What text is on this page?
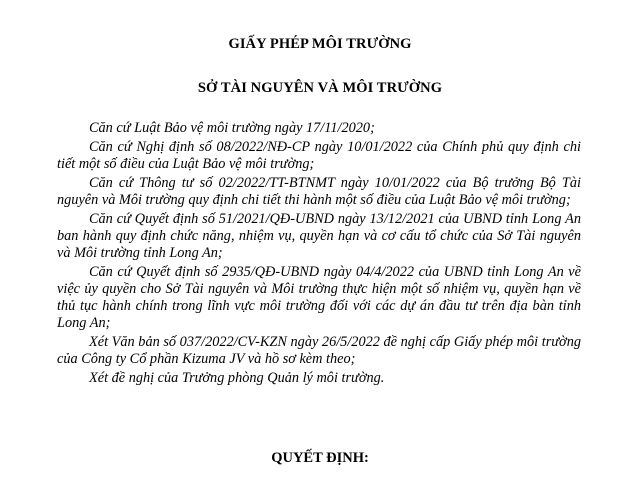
GIẤY PHÉP MÔI TRƯỜNG
SỞ TÀI NGUYÊN VÀ MÔI TRƯỜNG

Căn cứ Luật Bảo vệ môi trường ngày 17/11/2020;

Căn cứ Nghị định số 08/2022/NĐ-CP ngày 10/01/2022 của Chính phủ quy định chi tiết một số điều của Luật Bảo vệ môi trường;

Căn cứ Thông tư số 02/2022/TT-BTNMT ngày 10/01/2022 của Bộ trưởng Bộ Tài nguyên và Môi trường quy định chi tiết thi hành một số điều của Luật Bảo vệ môi trường;

Căn cứ Quyết định số 51/2021/QĐ-UBND ngày 13/12/2021 của UBND tỉnh Long An ban hành quy định chức năng, nhiệm vụ, quyền hạn và cơ cấu tổ chức của Sở Tài nguyên và Môi trường tỉnh Long An;

Căn cứ Quyết định số 2935/QĐ-UBND ngày 04/4/2022 của UBND tỉnh Long An về việc ủy quyền cho Sở Tài nguyên và Môi trường thực hiện một số nhiệm vụ, quyền hạn về thủ tục hành chính trong lĩnh vực môi trường đối với các dự án đầu tư trên địa bàn tỉnh Long An;

Xét Văn bản số 037/2022/CV-KZN ngày 26/5/2022 đề nghị cấp Giấy phép môi trường của Công ty Cổ phần Kizuma JV và hồ sơ kèm theo;

Xét đề nghị của Trưởng phòng Quản lý môi trường.

QUYẾT ĐỊNH:
